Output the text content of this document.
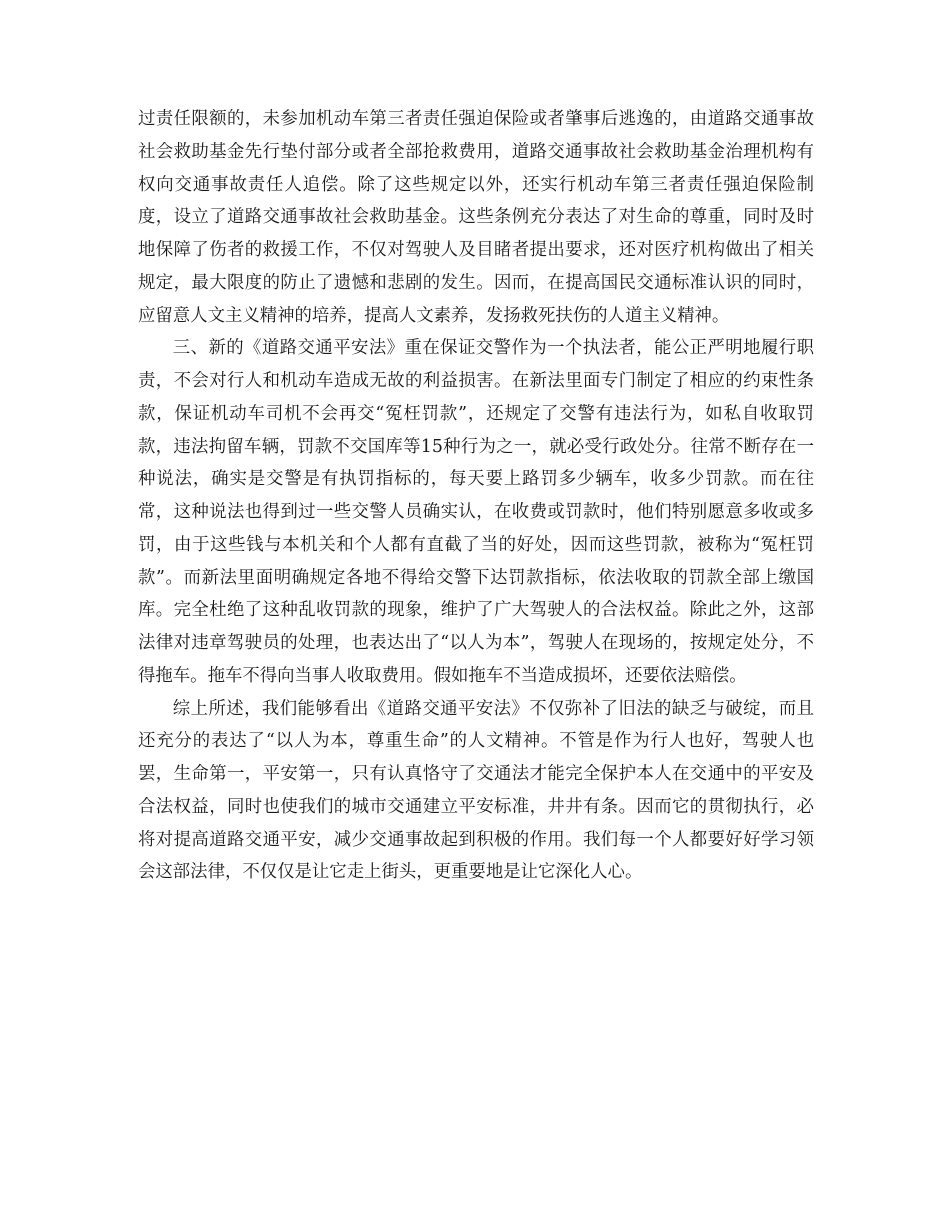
过责任限额的，未参加机动车第三者责任强迫保险或者肇事后逃逸的，由道路交通事故社会救助基金先行垫付部分或者全部抢救费用，道路交通事故社会救助基金治理机构有权向交通事故责任人追偿。除了这些规定以外，还实行机动车第三者责任强迫保险制度，设立了道路交通事故社会救助基金。这些条例充分表达了对生命的尊重，同时及时地保障了伤者的救援工作，不仅对驾驶人及目睹者提出要求，还对医疗机构做出了相关规定，最大限度的防止了遗憾和悲剧的发生。因而，在提高国民交通标准认识的同时，应留意人文主义精神的培养，提高人文素养，发扬救死扶伤的人道主义精神。

三、新的《道路交通平安法》重在保证交警作为一个执法者，能公正严明地履行职责，不会对行人和机动车造成无故的利益损害。在新法里面专门制定了相应的约束性条款，保证机动车司机不会再交“冤枉罚款”，还规定了交警有违法行为，如私自收取罚款，违法拘留车辆，罚款不交国库等15种行为之一，就必受行政处分。往常不断存在一种说法，确实是交警是有执罚指标的，每天要上路罚多少辆车，收多少罚款。而在往常，这种说法也得到过一些交警人员确实认，在收费或罚款时，他们特别愿意多收或多罚，由于这些钱与本机关和个人都有直截了当的好处，因而这些罚款，被称为“冤枉罚款”。而新法里面明确规定各地不得给交警下达罚款指标，依法收取的罚款全部上缴国库。完全杜绝了这种乱收罚款的现象，维护了广大驾驶人的合法权益。除此之外，这部法律对违章驾驶员的处理，也表达出了“以人为本”，驾驶人在现场的，按规定处分，不得拖车。拖车不得向当事人收取费用。假如拖车不当造成损坏，还要依法赔偿。

综上所述，我们能够看出《道路交通平安法》不仅弥补了旧法的缺乏与破绽，而且还充分的表达了“以人为本，尊重生命”的人文精神。不管是作为行人也好，驾驶人也罢，生命第一，平安第一，只有认真恪守了交通法才能完全保护本人在交通中的平安及合法权益，同时也使我们的城市交通建立平安标准，井井有条。因而它的贯彻执行，必将对提高道路交通平安，减少交通事故起到积极的作用。我们每一个人都要好好学习领会这部法律，不仅仅是让它走上街头，更重要地是让它深化人心。
